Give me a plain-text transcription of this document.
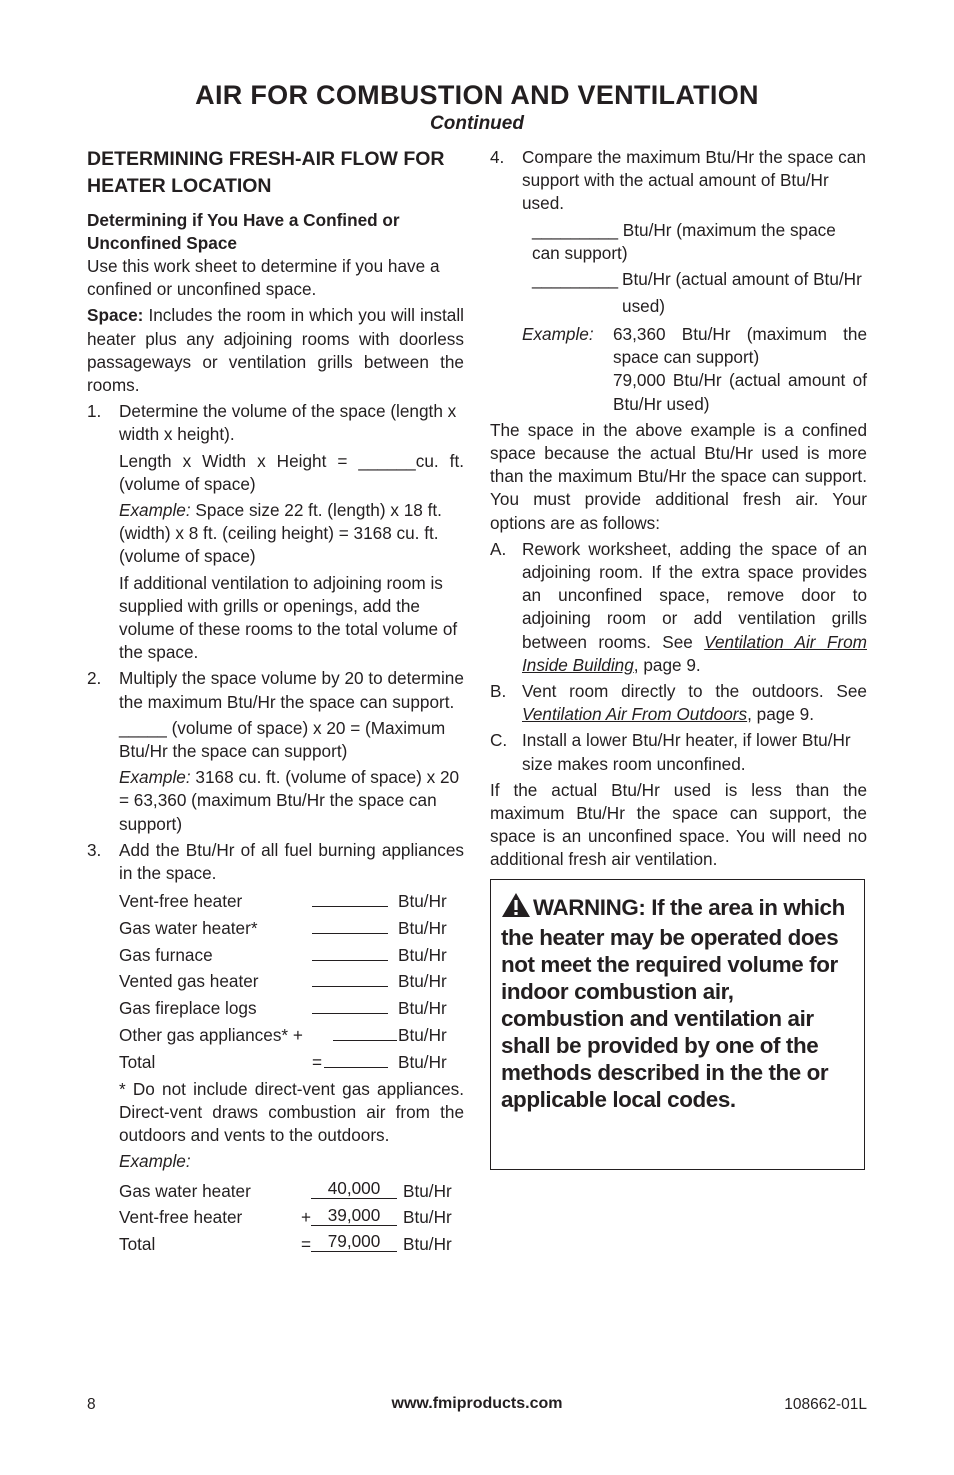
AIR FOR COMBUSTION AND VENTILATION
Continued
DETERMINING FRESH-AIR FLOW FOR HEATER LOCATION
Determining if You Have a Confined or Unconfined Space

Use this work sheet to determine if you have a confined or unconfined space.

Space: Includes the room in which you will install heater plus any adjoining rooms with doorless passageways or ventilation grills between the rooms.

1. Determine the volume of the space (length x width x height).

Length x Width x Height = ______cu. ft. (volume of space)

Example: Space size 22 ft. (length) x 18 ft. (width) x 8 ft. (ceiling height) = 3168 cu. ft. (volume of space)

If additional ventilation to adjoining room is supplied with grills or openings, add the volume of these rooms to the total volume of the space.

2. Multiply the space volume by 20 to determine the maximum Btu/Hr the space can support.

_____ (volume of space) x 20 = (Maximum Btu/Hr the space can support)

Example: 3168 cu. ft. (volume of space) x 20 = 63,360 (maximum Btu/Hr the space can support)

3. Add the Btu/Hr of all fuel burning appliances in the space.

Vent-free heater	Btu/Hr
Gas water heater*	Btu/Hr
Gas furnace	Btu/Hr
Vented gas heater	Btu/Hr
Gas fireplace logs	Btu/Hr
Other gas appliances* +	Btu/Hr
Total	=	Btu/Hr

* Do not include direct-vent gas appliances. Direct-vent draws combustion air from the outdoors and vents to the outdoors.

Example:

Gas water heater	40,000	Btu/Hr
Vent-free heater	+ 39,000	Btu/Hr
Total	= 79,000	Btu/Hr
4. Compare the maximum Btu/Hr the space can support with the actual amount of Btu/Hr used.

_________ Btu/Hr (maximum the space can support)

_________ Btu/Hr (actual amount of Btu/Hr used)
Example:	63,360 Btu/Hr (maximum the space can support)
79,000 Btu/Hr (actual amount of Btu/Hr used)

The space in the above example is a confined space because the actual Btu/Hr used is more than the maximum Btu/Hr the space can support. You must provide additional fresh air. Your options are as follows:

A. Rework worksheet, adding the space of an adjoining room. If the extra space provides an unconfined space, remove door to adjoining room or add ventilation grills between rooms. See Ventilation Air From Inside Building, page 9.
B. Vent room directly to the outdoors. See Ventilation Air From Outdoors, page 9.
C. Install a lower Btu/Hr heater, if lower Btu/Hr size makes room unconfined.

If the actual Btu/Hr used is less than the maximum Btu/Hr the space can support, the space is an unconfined space. You will need no additional fresh air ventilation.

WARNING: If the area in which the heater may be operated does not meet the required volume for indoor combustion air, combustion and ventilation air shall be provided by one of the methods described in the the or applicable local codes.
8	www.fmiproducts.com	108662-01L
